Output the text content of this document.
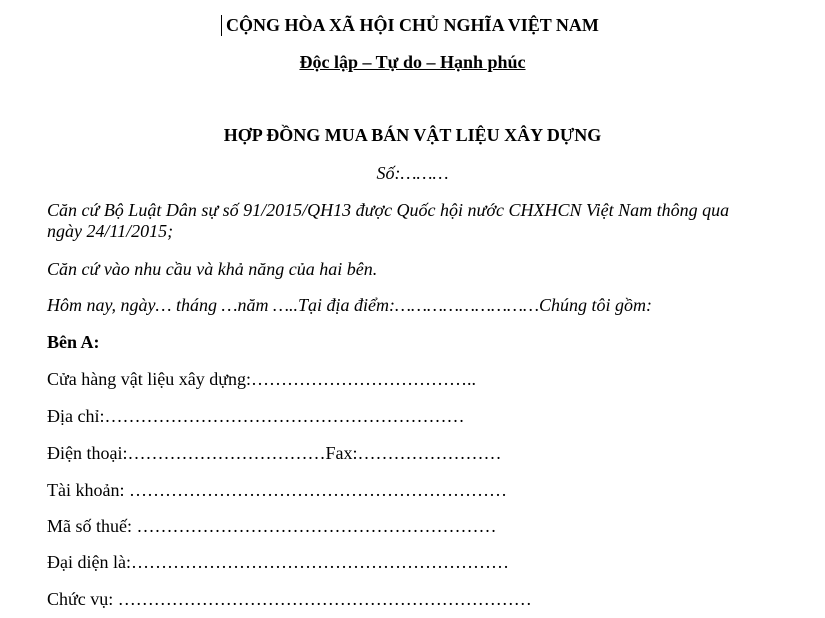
CỘNG HÒA XÃ HỘI CHỦ NGHĨA VIỆT NAM
Độc lập – Tự do – Hạnh phúc
HỢP ĐỒNG MUA BÁN VẬT LIỆU XÂY DỰNG
Số:………
Căn cứ Bộ Luật Dân sự số 91/2015/QH13 được Quốc hội nước CHXHCN Việt Nam thông qua
ngày 24/11/2015;
Căn cứ vào nhu cầu và khả năng của hai bên.
Hôm nay, ngày… tháng …năm …..Tại địa điểm:………………………Chúng tôi gồm:
Bên A:
Cửa hàng vật liệu xây dựng:………………………………..
Địa chỉ:……………………………………………………
Điện thoại:……………………………Fax:……………………
Tài khoản: ………………………………………………………
Mã số thuế: ……………………………………………………
Đại diện là:………………………………………………………
Chức vụ: ……………………………………………………………
